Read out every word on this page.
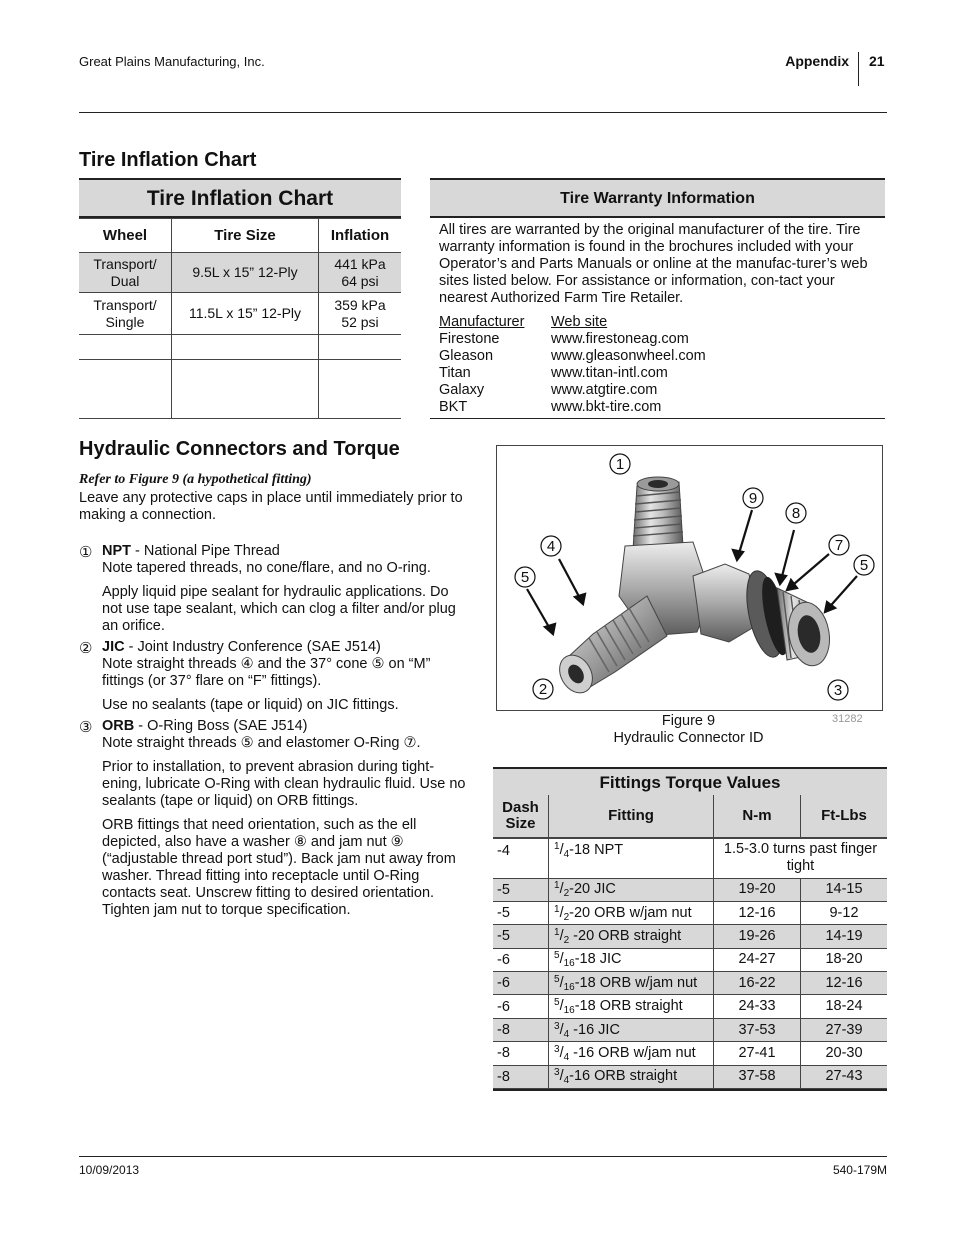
Great Plains Manufacturing, Inc.	Appendix 21
Tire Inflation Chart
Tire Inflation Chart
Wheel	Tire Size	Inflation

Transport/
Dual	9.5L x 15” 12-Ply	441 kPa
64 psi

Transport/
Single	11.5L x 15” 12-Ply	359 kPa
52 psi

Tire Warranty Information

All tires are warranted by the original manufacturer of the tire. Tire warranty information is found in the brochures included with your Operator’s and Parts Manuals or online at the manufac-turer’s web sites listed below. For assistance or information, con-tact your nearest Authorized Farm Tire Retailer.

Manufacturer	Web site
Firestone	www.firestoneag.com
Gleason	www.gleasonwheel.com
Titan	www.titan-intl.com
Galaxy	www.atgtire.com
BKT	www.bkt-tire.com
Hydraulic Connectors and Torque

Refer to Figure 9 (a hypothetical fitting)

Leave any protective caps in place until immediately prior to making a connection.

① NPT - National Pipe Thread

Note tapered threads, no cone/flare, and no O-ring.

Apply liquid pipe sealant for hydraulic applications. Do not use tape sealant, which can clog a filter and/or plug an orifice.

② JIC - Joint Industry Conference (SAE J514)

Note straight threads ④ and the 37° cone ⑤ on “M” fittings (or 37° flare on “F” fittings).

Use no sealants (tape or liquid) on JIC fittings.

③ ORB - O-Ring Boss (SAE J514)

Note straight threads ⑤ and elastomer O-Ring ⑦.

Prior to installation, to prevent abrasion during tight-ening, lubricate O-Ring with clean hydraulic fluid. Use no sealants (tape or liquid) on ORB fittings.

ORB fittings that need orientation, such as the ell depicted, also have a washer ⑧ and jam nut ⑨ (“adjustable thread port stud”). Back jam nut away from washer. Thread fitting into receptacle until O-Ring contacts seat. Unscrew fitting to desired orientation. Tighten jam nut to torque specification.

1
2	3
4
5
9
8
7
5
Figure 9
Hydraulic Connector ID
31282
Fittings Torque Values
Dash
Size	Fitting	N-m	Ft-Lbs
-4	$^1/_4-18$ NPT	1.5-3.0 turns past finger
tight	

-5	$^1/_2-20$ JIC	19-20	14-15

-5	$^1/_2-20$ ORB w/jam nut	12-16	9-12

-5	$^1/_2$ -20 ORB straight	19-26	14-19

-6	$^5/_{16}-18$ JIC	24-27	18-20

-6	$^5/_{16}-18$ ORB w/jam nut	16-22	12-16

-6	$^5/_{16}-18$ ORB straight	24-33	18-24

-8	$^3/_4$ -16 JIC	37-53	27-39

-8	$^3/_4$ -16 ORB w/jam nut	27-41	20-30

-8	$^3/_4-16$ ORB straight	37-58	27-43
10/09/2013	540-179M
